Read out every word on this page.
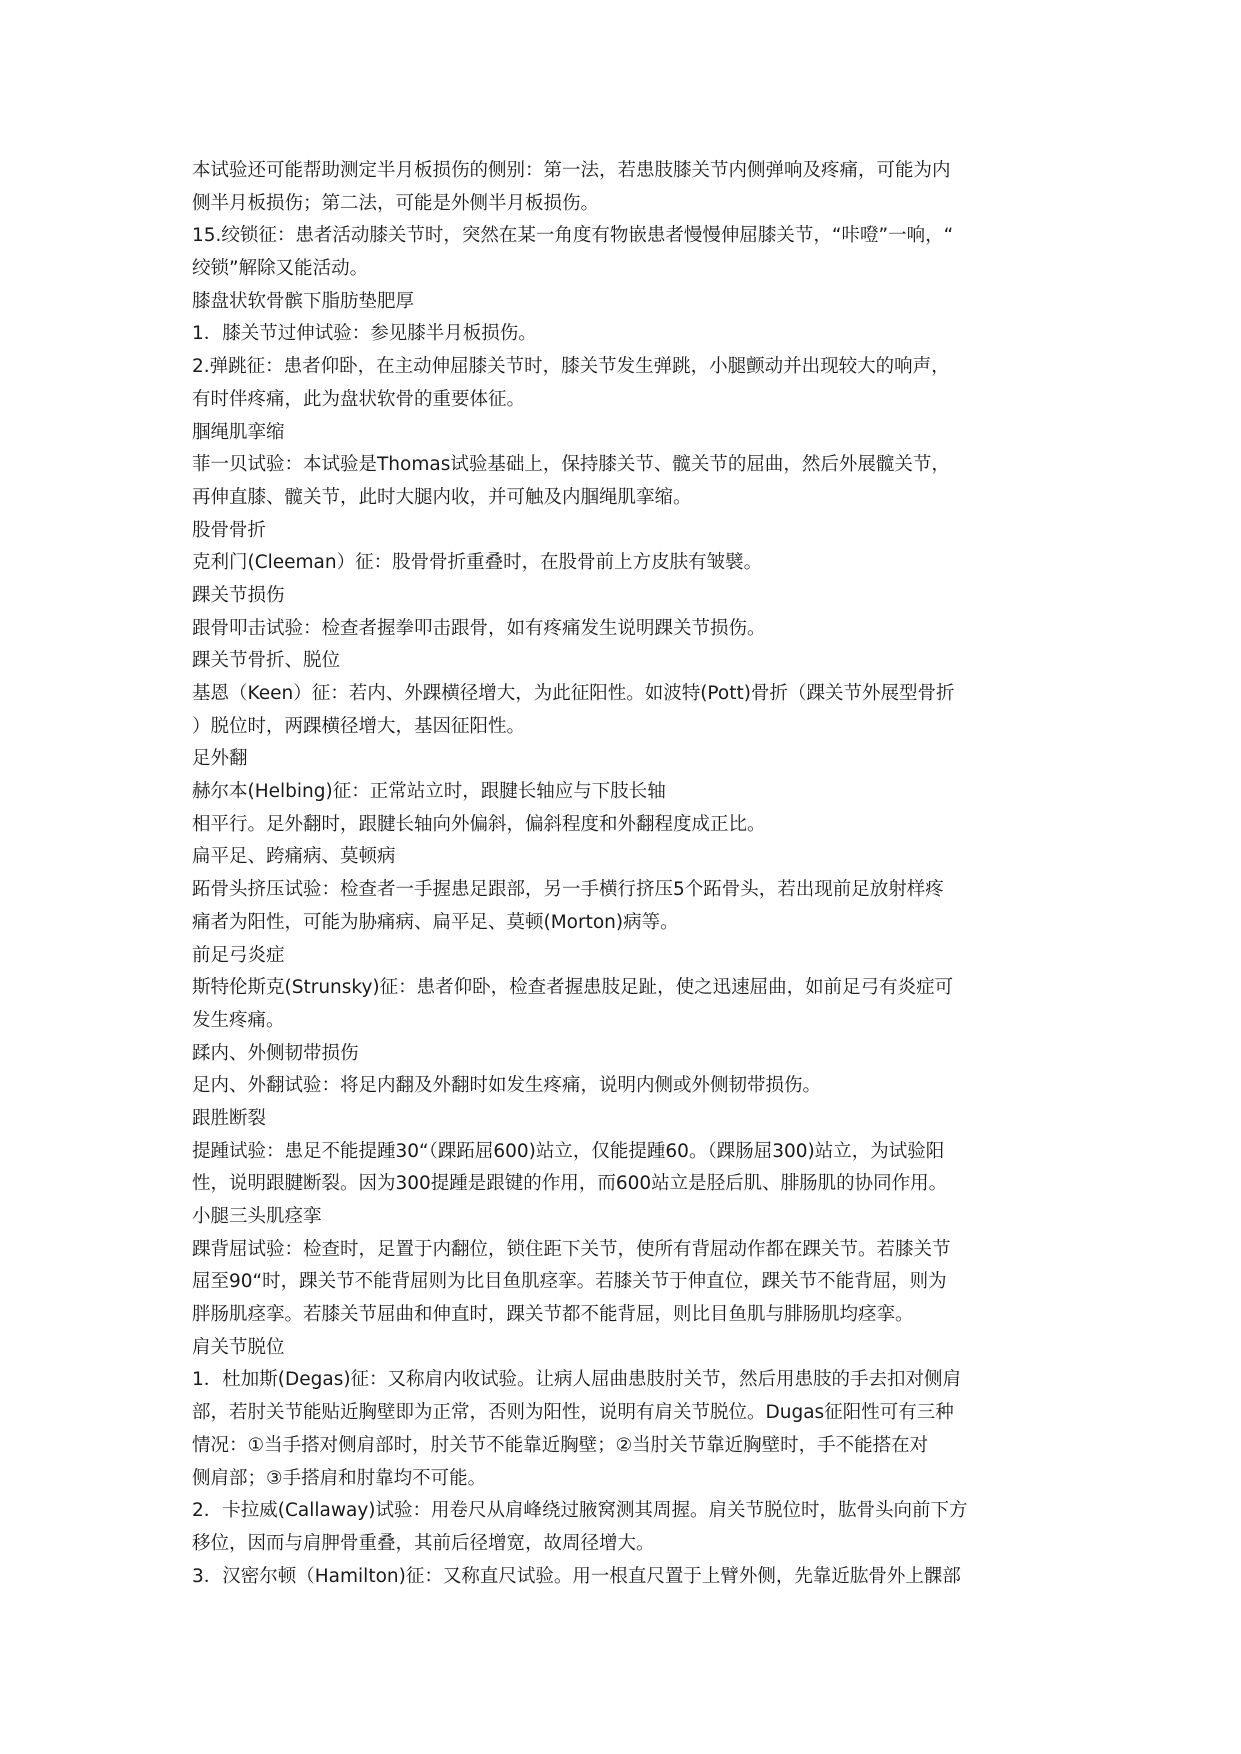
本试验还可能帮助测定半月板损伤的侧别：第一法，若患肢膝关节内侧弹响及疼痛，可能为内
侧半月板损伤；第二法，可能是外侧半月板损伤。
15.绞锁征：患者活动膝关节时，突然在某一角度有物嵌患者慢慢伸屈膝关节，“咔噔”一响，“
绞锁”解除又能活动。
膝盘状软骨髌下脂肪垫肥厚
1．膝关节过伸试验：参见膝半月板损伤。
2.弹跳征：患者仰卧，在主动伸屈膝关节时，膝关节发生弹跳，小腿颤动并出现较大的响声，
有时伴疼痛，此为盘状软骨的重要体征。
腘绳肌挛缩
菲一贝试验：本试验是Thomas试验基础上，保持膝关节、髋关节的屈曲，然后外展髋关节，
再伸直膝、髋关节，此时大腿内收，并可触及内腘绳肌挛缩。
股骨骨折
克利门(Cleeman）征：股骨骨折重叠时，在股骨前上方皮肤有皱襞。
踝关节损伤
跟骨叩击试验：检查者握拳叩击跟骨，如有疼痛发生说明踝关节损伤。
踝关节骨折、脱位
基恩（Keen）征：若内、外踝横径增大，为此征阳性。如波特(Pott)骨折（踝关节外展型骨折
）脱位时，两踝横径增大，基因征阳性。
足外翻
赫尔本(Helbing)征：正常站立时，跟腱长轴应与下肢长轴
相平行。足外翻时，跟腱长轴向外偏斜，偏斜程度和外翻程度成正比。
扁平足、跨痛病、莫顿病
跖骨头挤压试验：检查者一手握患足跟部，另一手横行挤压5个跖骨头，若出现前足放射样疼
痛者为阳性，可能为胁痛病、扁平足、莫顿(Morton)病等。
前足弓炎症
斯特伦斯克(Strunsky)征：患者仰卧，检查者握患肢足趾，使之迅速屈曲，如前足弓有炎症可
发生疼痛。
蹂内、外侧韧带损伤
足内、外翻试验：将足内翻及外翻时如发生疼痛，说明内侧或外侧韧带损伤。
跟胜断裂
提踵试验：患足不能提踵30“（踝跖屈600)站立，仅能提踵60。（踝肠屈300)站立，为试验阳
性，说明跟腱断裂。因为300提踵是跟键的作用，而600站立是胫后肌、腓肠肌的协同作用。
小腿三头肌痉挛
踝背屈试验：检查时，足置于内翻位，锁住距下关节，使所有背屈动作都在踝关节。若膝关节
屈至90“时，踝关节不能背屈则为比目鱼肌痉挛。若膝关节于伸直位，踝关节不能背屈，则为
胖肠肌痉挛。若膝关节屈曲和伸直时，踝关节都不能背屈，则比目鱼肌与腓肠肌均痉挛。
肩关节脱位
1．杜加斯(Degas)征：又称肩内收试验。让病人屈曲患肢肘关节，然后用患肢的手去扣对侧肩
部，若肘关节能贴近胸壁即为正常，否则为阳性，说明有肩关节脱位。Dugas征阳性可有三种
情况：①当手搭对侧肩部时，肘关节不能靠近胸壁；②当肘关节靠近胸壁时，手不能搭在对
侧肩部；③手搭肩和肘靠均不可能。
2．卡拉威(Callaway)试验：用卷尺从肩峰绕过腋窝测其周握。肩关节脱位时，肱骨头向前下方
移位，因而与肩胛骨重叠，其前后径增宽，故周径增大。
3．汉密尔顿（Hamilton)征：又称直尺试验。用一根直尺置于上臂外侧，先靠近肱骨外上髁部
